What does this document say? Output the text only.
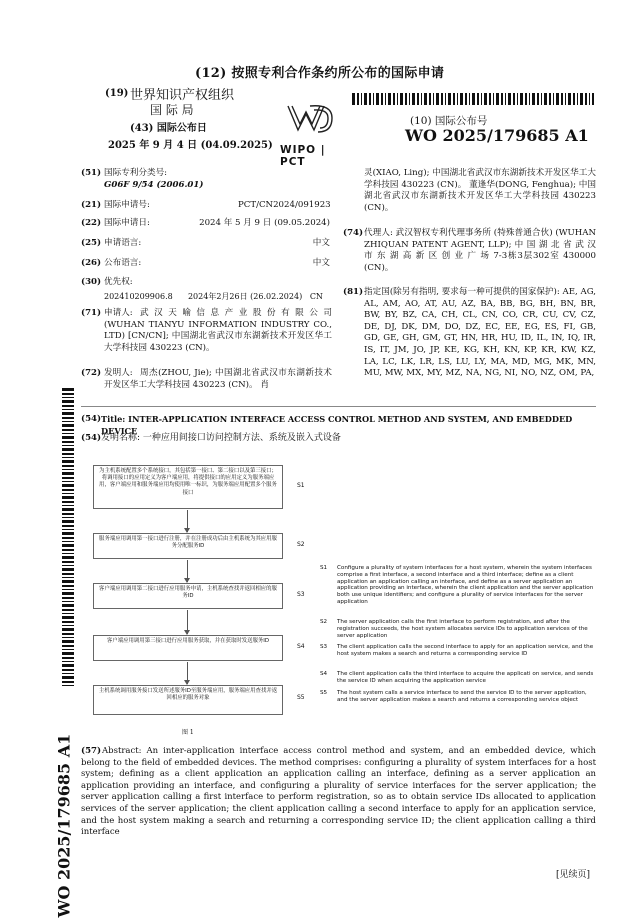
(12) 按照专利合作条约所公布的国际申请
(19) 世界知识产权组织
国 际 局
(43) 国际公布日
2025 年 9 月 4 日 (04.09.2025) WIPO | PCT
(10) 国际公布号
WO 2025/179685 A1
(51) 国际专利分类号:
G06F 9/54 (2006.01)
(21) 国际申请号:	PCT/CN2024/091923
(22) 国际申请日:	2024 年 5 月 9 日 (09.05.2024)
(25) 申请语言:	中文
(26) 公布语言:	中文
(30) 优先权:
202410209906.8      2024年2月26日 (26.02.2024)   CN
(71) 申请人: 武 汉 天 喻 信 息 产 业 股 份 有 限 公 司 (WUHAN TIANYU INFORMATION INDUSTRY CO., LTD) [CN/CN]; 中国湖北省武汉市东湖新技术开发区华工大学科技园 430223 (CN)。
(72) 发明人: 周杰(ZHOU, Jie); 中国湖北省武汉市东湖新技术开发区华工大学科技园 430223 (CN)。 肖
灵(XIAO, Ling); 中国湖北省武汉市东湖新技术开发区华工大学科技园 430223 (CN)。 董逢华(DONG, Fenghua); 中国湖北省武汉市东湖新技术开发区华工大学科技园 430223 (CN)。
(74) 代理人: 武汉智权专利代理事务所 (特殊普通合伙) (WUHAN ZHIQUAN PATENT AGENT, LLP); 中 国 湖 北 省 武 汉 市 东 湖 高 新 区 创 业 广 场 7-3栋3层302室 430000 (CN)。
(81) 指定国(除另有指明, 要求每一种可提供的国家保护): AE, AG, AL, AM, AO, AT, AU, AZ, BA, BB, BG, BH, BN, BR, BW, BY, BZ, CA, CH, CL, CN, CO, CR, CU, CV, CZ, DE, DJ, DK, DM, DO, DZ, EC, EE, EG, ES, FI, GB, GD, GE, GH, GM, GT, HN, HR, HU, ID, IL, IN, IQ, IR, IS, IT, JM, JO, JP, KE, KG, KH, KN, KP, KR, KW, KZ, LA, LC, LK, LR, LS, LU, LY, MA, MD, MG, MK, MN, MU, MW, MX, MY, MZ, NA, NG, NI, NO, NZ, OM, PA,
(54) Title: INTER-APPLICATION INTERFACE ACCESS CONTROL METHOD AND SYSTEM, AND EMBEDDED DEVICE
(54) 发明名称: 一种应用间接口访问控制方法、系统及嵌入式设备
为主机系统配置多个系统接口，其包括第一接口、第二接口以及第三接口；将调用接口的应用定义为客户端应用，将提供接口的应用定义为服务端应用，客户端应用和服务端应用均使用唯一标识，为服务端应用配置多个服务接口
S1
服务端应用调用第一接口进行注册，并在注册成功后由主机系统为其应用服务分配服务ID	S2
客户端应用调用第二接口进行应用服务申请，主机系统查找并返回相应的服务ID	S3
客户端应用调用第三接口进行应用服务获取，并在获取时发送服务ID
S4
主机系统调用服务接口发送所述服务ID至服务端应用，服务端应用查找并返回相应的服务对象	S5
图 1
S1 Configure a plurality of system interfaces for a host system, wherein the system interfaces comprise a first interface, a second interface and a third interface; define as a client application an application calling an interface, and define as a server application an application providing an interface, wherein the client application and the server application both use unique identifiers; and configure a plurality of service interfaces for the server application
S2 The server application calls the first interface to perform registration, and after the registration succeeds, the host system allocates service IDs to application services of the server application
S3 The client application calls the second interface to apply for an application service, and the host system makes a search and returns a corresponding service ID
S4 The client application calls the third interface to acquire the applicati on service, and sends the service ID when acquiring the application service
S5 The host system calls a service interface to send the service ID to the server application, and the server application makes a search and returns a corresponding service object
(57) Abstract: An inter-application interface access control method and system, and an embedded device, which belong to the field of embedded devices. The method comprises: configuring a plurality of system interfaces for a host system; defining as a client application an application calling an interface, defining as a server application an application providing an interface, and configuring a plurality of service interfaces for the server application; the server application calling a first interface to perform registration, so as to obtain service IDs allocated to application services of the server application; the client application calling a second interface to apply for an application service, and the host system making a search and returning a corresponding service ID; the client application calling a third interface
WO 2025/179685 A1	[见续页]
